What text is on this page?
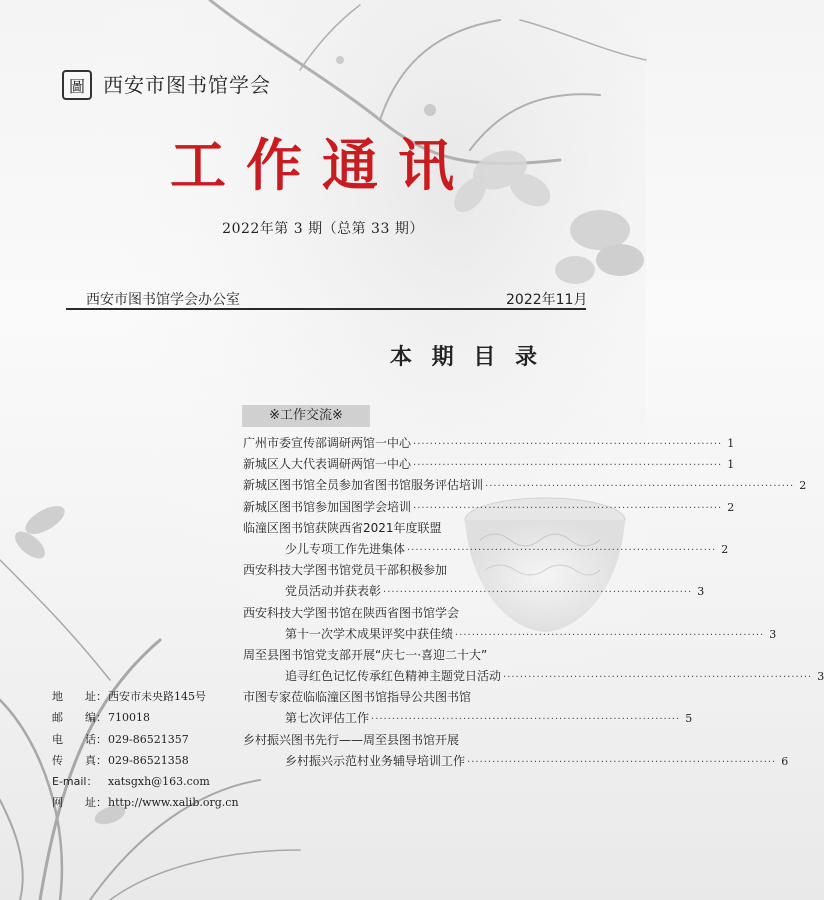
圖 西安市图书馆学会
工作通讯
2022年第 3 期（总第 33 期）
西安市图书馆学会办公室	2022年11月
本 期 目 录
※工作交流※
广州市委宣传部调研两馆一中心 ·········································································· 1
新城区人大代表调研两馆一中心 ·········································································· 1
新城区图书馆全员参加省图书馆服务评估培训 ·········································································· 2
新城区图书馆参加国图学会培训 ·········································································· 2
临潼区图书馆获陕西省2021年度联盟
少儿专项工作先进集体 ·········································································· 2
西安科技大学图书馆党员干部积极参加
党员活动并获表彰 ·········································································· 3
西安科技大学图书馆在陕西省图书馆学会
第十一次学术成果评奖中获佳绩 ·········································································· 3
周至县图书馆党支部开展“庆七一·喜迎二十大”
追寻红色记忆传承红色精神主题党日活动 ·········································································· 3
市图专家莅临临潼区图书馆指导公共图书馆
第七次评估工作 ·········································································· 5
乡村振兴图书先行——周至县图书馆开展
乡村振兴示范村业务辅导培训工作 ·········································································· 6
地　　址： 西安市未央路145号
邮　　编： 710018
电　　话： 029-86521357
传　　真： 029-86521358
E-mail： xatsgxh@163.com
网　　址： http://www.xalib.org.cn
